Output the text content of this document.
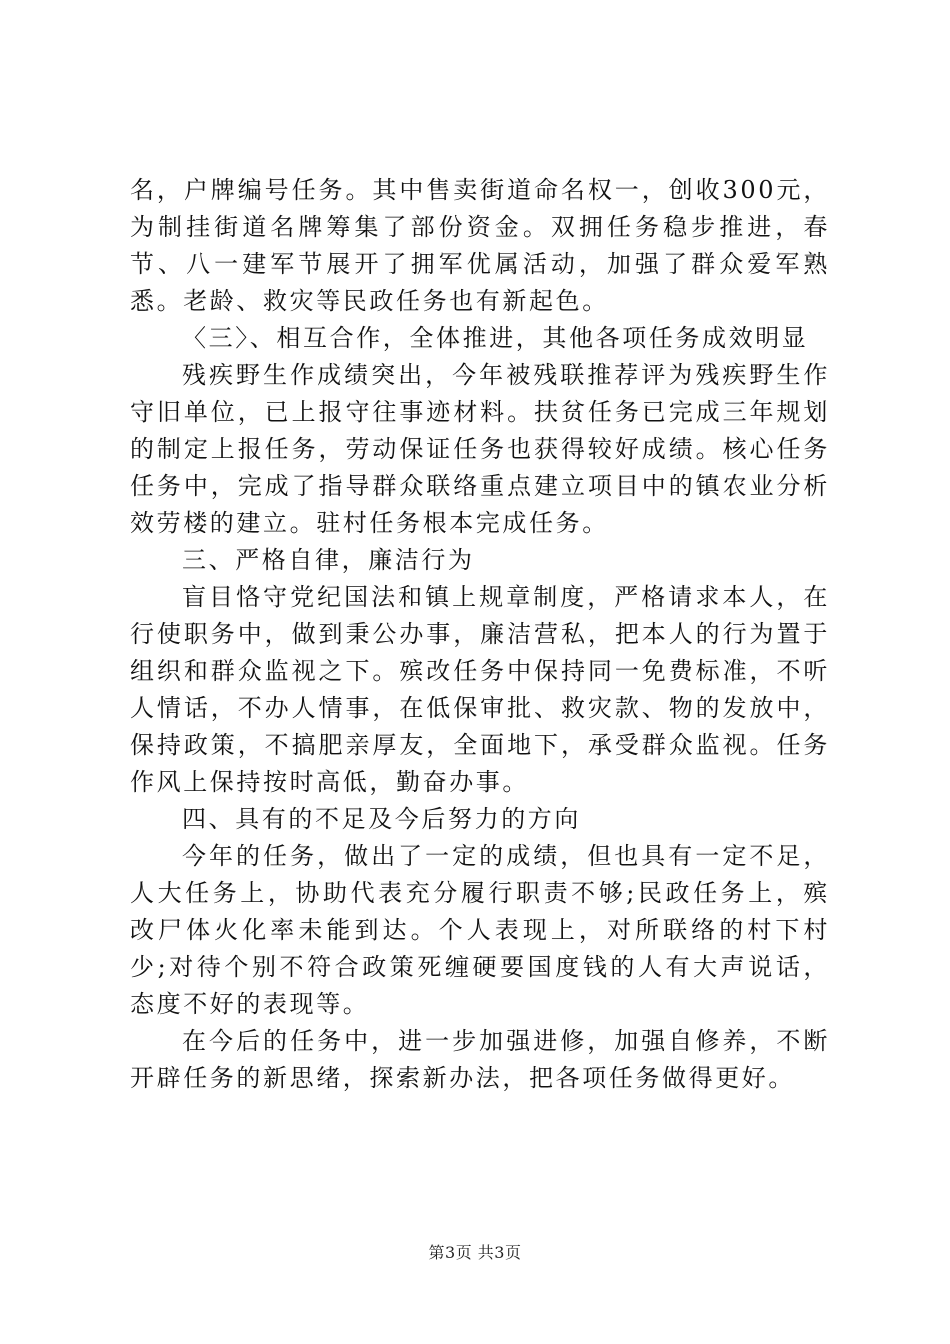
名，户牌编号任务。其中售卖街道命名权一，创收300元，为制挂街道名牌筹集了部份资金。双拥任务稳步推进，春节、八一建军节展开了拥军优属活动，加强了群众爱军熟悉。老龄、救灾等民政任务也有新起色。

〈三〉、相互合作，全体推进，其他各项任务成效明显

残疾野生作成绩突出，今年被残联推荐评为残疾野生作守旧单位，已上报守往事迹材料。扶贫任务已完成三年规划的制定上报任务，劳动保证任务也获得较好成绩。核心任务任务中，完成了指导群众联络重点建立项目中的镇农业分析效劳楼的建立。驻村任务根本完成任务。

三、严格自律，廉洁行为

盲目恪守党纪国法和镇上规章制度，严格请求本人，在行使职务中，做到秉公办事，廉洁营私，把本人的行为置于组织和群众监视之下。殡改任务中保持同一免费标准，不听人情话，不办人情事，在低保审批、救灾款、物的发放中，保持政策，不搞肥亲厚友，全面地下，承受群众监视。任务作风上保持按时高低，勤奋办事。

四、具有的不足及今后努力的方向

今年的任务，做出了一定的成绩，但也具有一定不足，人大任务上，协助代表充分履行职责不够;民政任务上，殡改尸体火化率未能到达。个人表现上，对所联络的村下村少;对待个别不符合政策死缠硬要国度钱的人有大声说话，态度不好的表现等。

在今后的任务中，进一步加强进修，加强自修养，不断开辟任务的新思绪，探索新办法，把各项任务做得更好。

第3页 共3页
